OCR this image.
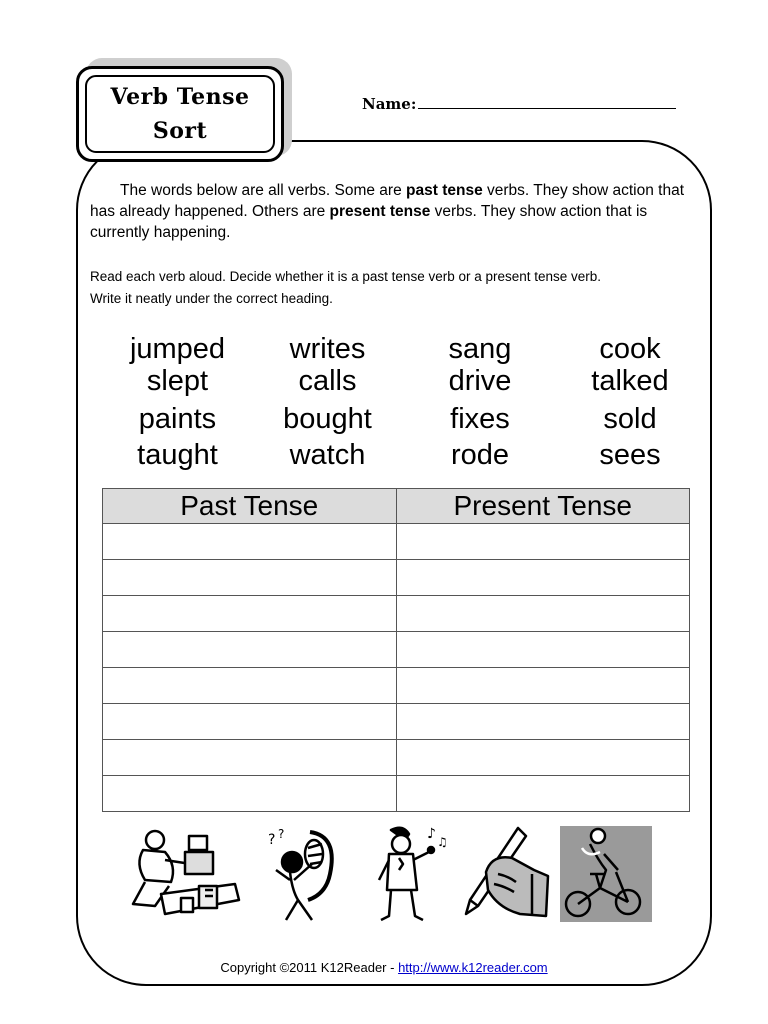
Verb Tense
Sort
Name:
The words below are all verbs. Some are past tense verbs. They show action that has already happened. Others are present tense verbs. They show action that is currently happening.
Read each verb aloud. Decide whether it is a past tense verb or a present tense verb.
Write it neatly under the correct heading.
jumped	writes	sang	cook
slept	calls	drive	talked
paints	bought	fixes	sold
taught	watch	rode	sees
Past Tense	Present Tense

? ?	♪ ♫
Copyright ©2011 K12Reader - http://www.k12reader.com
